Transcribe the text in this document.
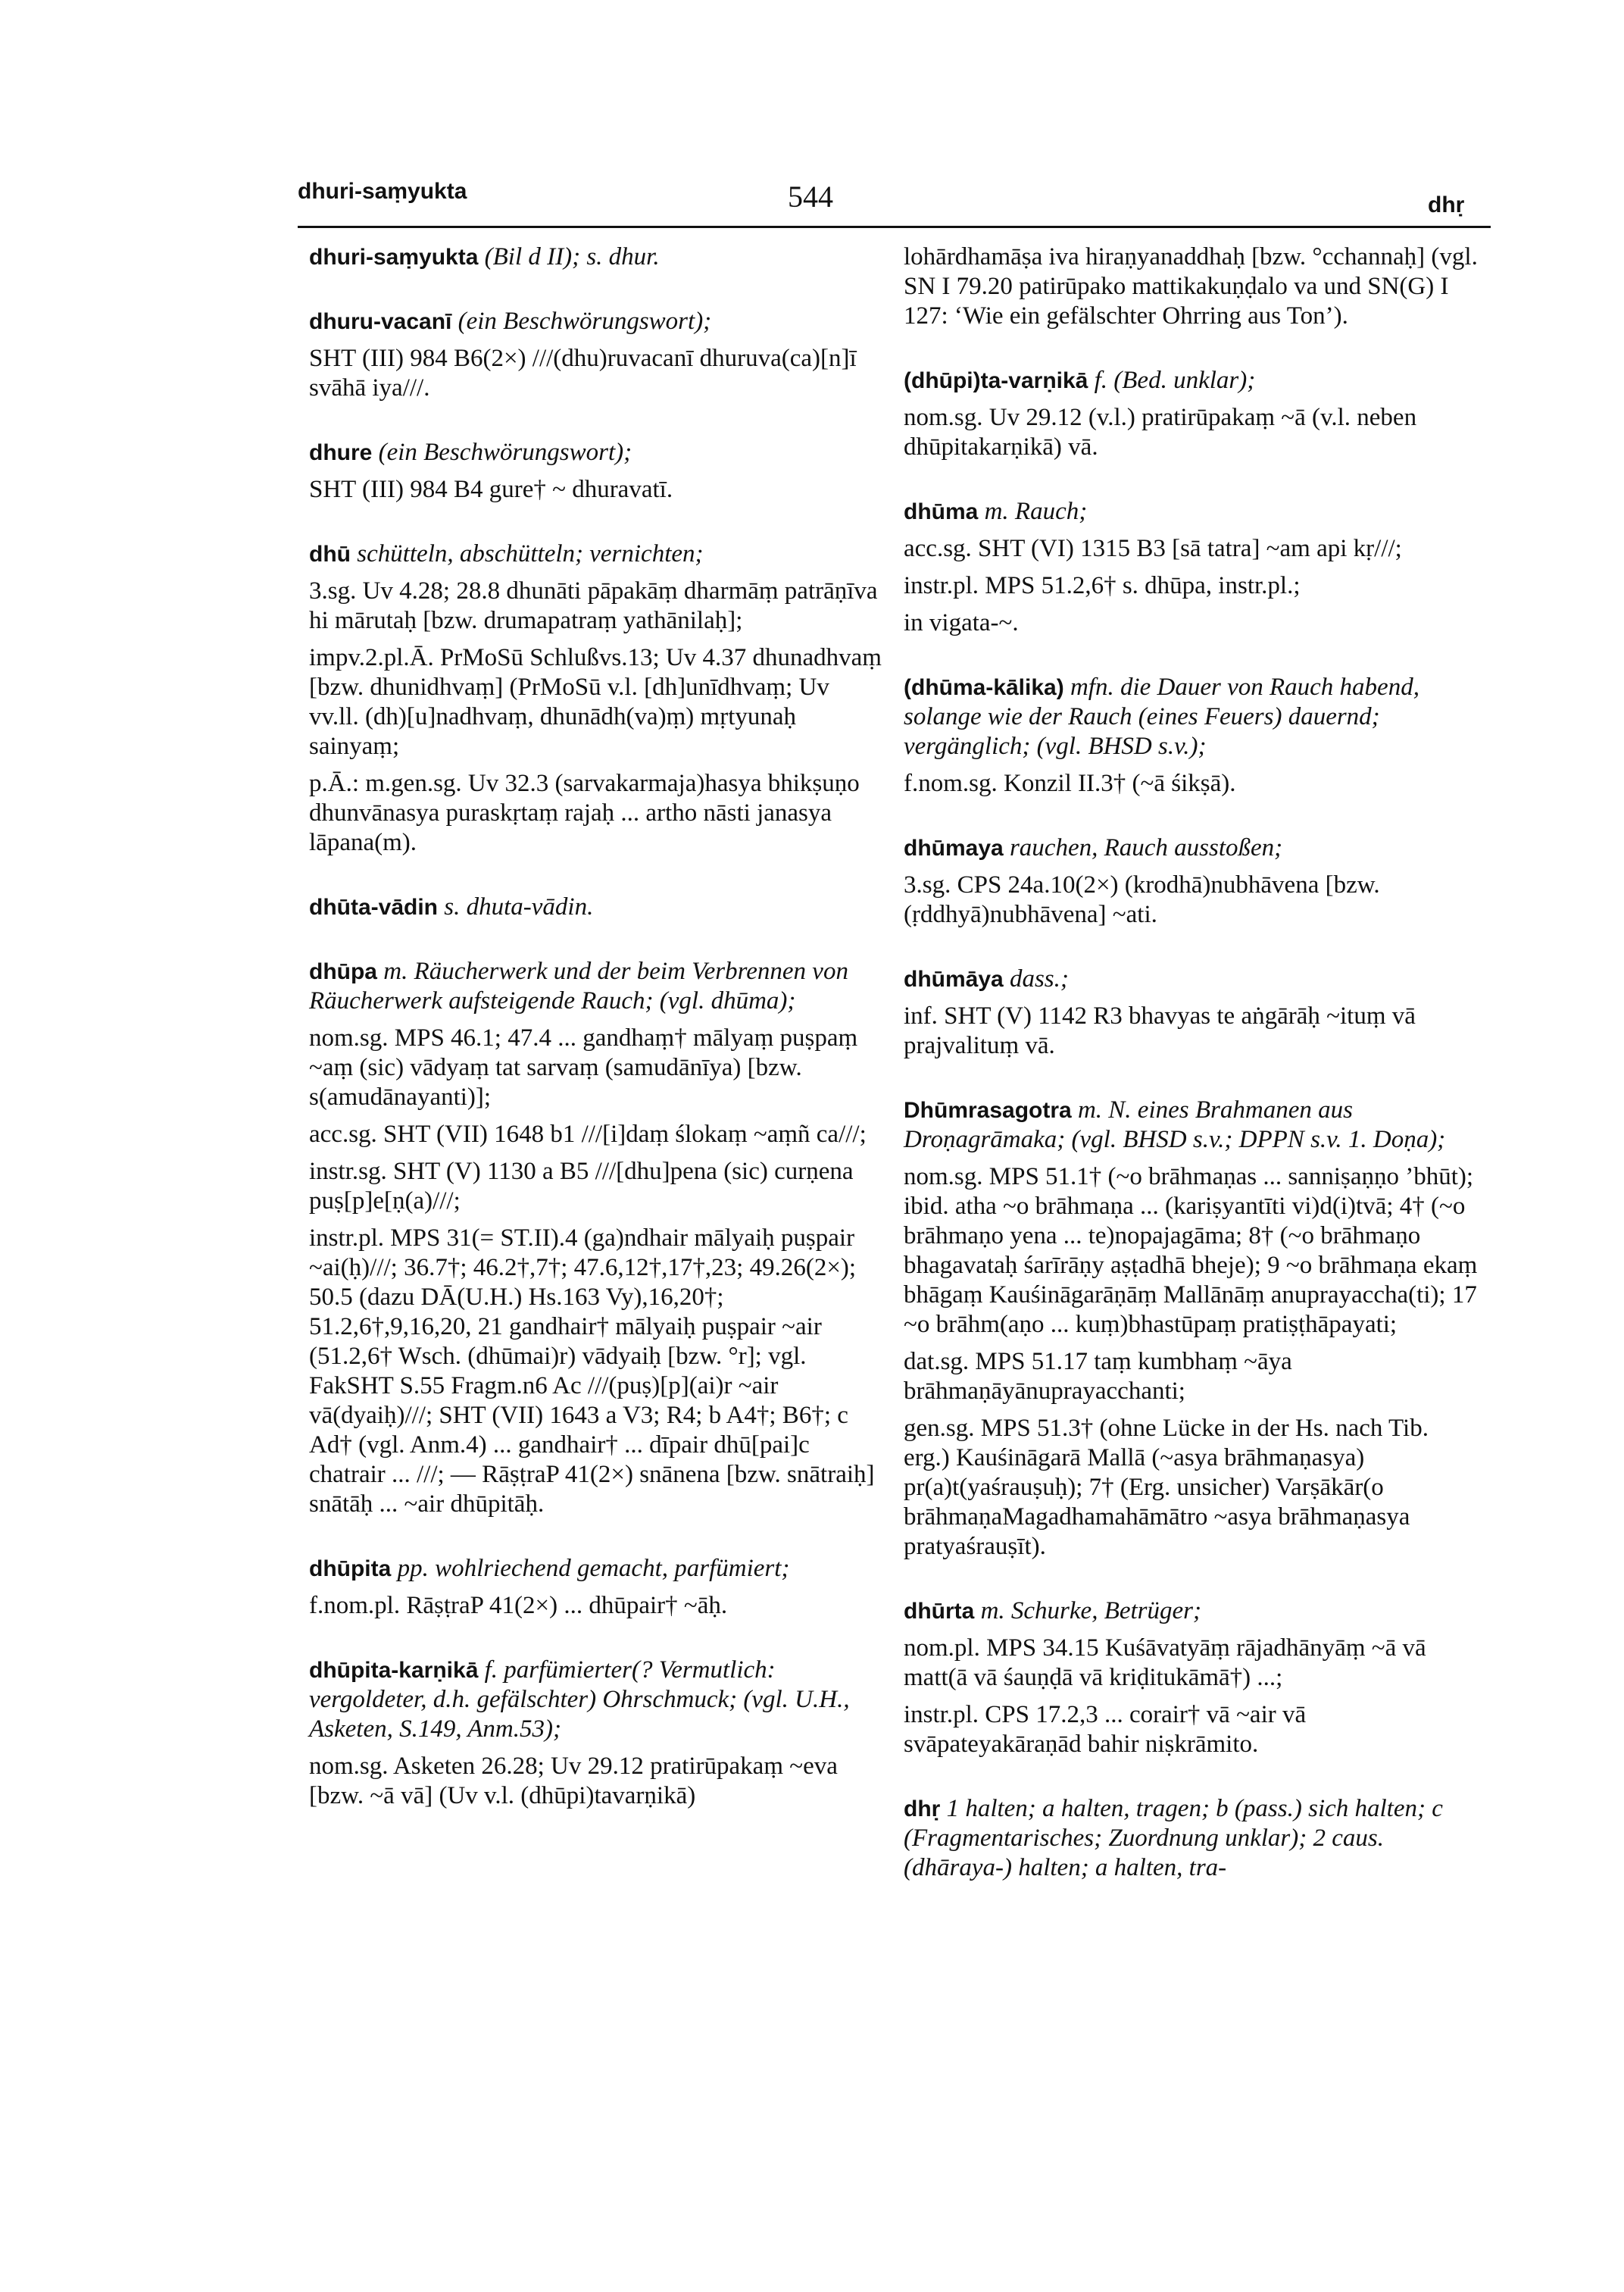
dhuri-saṃyukta	544	dhṛ

dhuri-saṃyukta (Bil d II); s. dhur.

dhuru-vacanī (ein Beschwörungswort);

SHT (III) 984 B6(2×) ///(dhu)ruvacanī dhuruva(ca)[n]ī svāhā iya///.

dhure (ein Beschwörungswort);

SHT (III) 984 B4 gure† ~ dhuravatī.

dhū schütteln, abschütteln; vernichten;

3.sg. Uv 4.28; 28.8 dhunāti pāpakāṃ dharmāṃ patrāṇīva hi mārutaḥ [bzw. drumapatraṃ yathānilaḥ];

impv.2.pl.Ā. PrMoSū Schlußvs.13; Uv 4.37 dhunadhvaṃ [bzw. dhunidhvaṃ] (PrMoSū v.l. [dh]unīdhvaṃ; Uv vv.ll. (dh)[u]nadhvaṃ, dhunādh(va)ṃ) mṛtyunaḥ sainyaṃ;

p.Ā.: m.gen.sg. Uv 32.3 (sarvakarmaja)hasya bhikṣuṇo dhunvānasya puraskṛtaṃ rajaḥ ... artho nāsti janasya lāpana(m).

dhūta-vādin s. dhuta-vādin.

dhūpa m. Räucherwerk und der beim Verbrennen von Räucherwerk aufsteigende Rauch; (vgl. dhūma);

nom.sg. MPS 46.1; 47.4 ... gandhaṃ† mālyaṃ puṣpaṃ ~aṃ (sic) vādyaṃ tat sarvaṃ (samudānīya) [bzw. s(amudānayanti)];

acc.sg. SHT (VII) 1648 b1 ///[i]daṃ ślokaṃ ~aṃñ ca///;

instr.sg. SHT (V) 1130 a B5 ///[dhu]pena (sic) curṇena puṣ[p]e[ṇ(a)///;

instr.pl. MPS 31(= ST.II).4 (ga)ndhair mālyaiḥ puṣpair ~ai(ḥ)///; 36.7†; 46.2†,7†; 47.6,12†,17†,23; 49.26(2×); 50.5 (dazu DĀ(U.H.) Hs.163 Vy),16,20†; 51.2,6†,9,16,20, 21 gandhair† mālyaiḥ puṣpair ~air (51.2,6† Wsch. (dhūmai)r) vādyaiḥ [bzw. °r]; vgl. FakSHT S.55 Fragm.n6 Ac ///(puṣ)[p](ai)r ~air vā(dyaiḥ)///; SHT (VII) 1643 a V3; R4; b A4†; B6†; c Ad† (vgl. Anm.4) ... gandhair† ... dīpair dhū[pai]c chatrair ... ///; — RāṣṭraP 41(2×) snānena [bzw. snātraiḥ] snātāḥ ... ~air dhūpitāḥ.

dhūpita pp. wohlriechend gemacht, parfümiert;

f.nom.pl. RāṣṭraP 41(2×) ... dhūpair† ~āḥ.

dhūpita-karṇikā f. parfümierter(? Vermutlich: vergoldeter, d.h. gefälschter) Ohrschmuck; (vgl. U.H., Asketen, S.149, Anm.53);

nom.sg. Asketen 26.28; Uv 29.12 pratirūpakaṃ ~eva [bzw. ~ā vā] (Uv v.l. (dhūpi)tavarṇikā)

lohārdhamāṣa iva hiraṇyanaddhaḥ [bzw. °cchannaḥ] (vgl. SN I 79.20 patirūpako mattikakuṇḍalo va und SN(G) I 127: ‘Wie ein gefälschter Ohrring aus Ton’).

(dhūpi)ta-varṇikā f. (Bed. unklar);

nom.sg. Uv 29.12 (v.l.) pratirūpakaṃ ~ā (v.l. neben dhūpitakarṇikā) vā.

dhūma m. Rauch;

acc.sg. SHT (VI) 1315 B3 [sā tatra] ~am api kṛ///;

instr.pl. MPS 51.2,6† s. dhūpa, instr.pl.;

in vigata-~.

(dhūma-kālika) mfn. die Dauer von Rauch habend, solange wie der Rauch (eines Feuers) dauernd; vergänglich; (vgl. BHSD s.v.);

f.nom.sg. Konzil II.3† (~ā śikṣā).

dhūmaya rauchen, Rauch ausstoßen;

3.sg. CPS 24a.10(2×) (krodhā)nubhāvena [bzw. (ṛddhyā)nubhāvena] ~ati.

dhūmāya dass.;

inf. SHT (V) 1142 R3 bhavyas te aṅgārāḥ ~ituṃ vā prajvalituṃ vā.

Dhūmrasagotra m. N. eines Brahmanen aus Droṇagrāmaka; (vgl. BHSD s.v.; DPPN s.v. 1. Doṇa);

nom.sg. MPS 51.1† (~o brāhmaṇas ... sanniṣaṇṇo ’bhūt); ibid. atha ~o brāhmaṇa ... (kariṣyantīti vi)d(i)tvā; 4† (~o brāhmaṇo yena ... te)nopajagāma; 8† (~o brāhmaṇo bhagavataḥ śarīrāṇy aṣṭadhā bheje); 9 ~o brāhmaṇa ekaṃ bhāgaṃ Kauśināgarāṇāṃ Mallānāṃ anuprayaccha(ti); 17 ~o brāhm(aṇo ... kuṃ)bhastūpaṃ pratiṣṭhāpayati;

dat.sg. MPS 51.17 taṃ kumbhaṃ ~āya brāhmaṇāyānuprayacchanti;

gen.sg. MPS 51.3† (ohne Lücke in der Hs. nach Tib. erg.) Kauśināgarā Mallā (~asya brāhmaṇasya) pr(a)t(yaśrauṣuḥ); 7† (Erg. unsicher) Varṣākār(o brāhmaṇaMagadhamahāmātro ~asya brāhmaṇasya pratyaśrauṣīt).

dhūrta m. Schurke, Betrüger;

nom.pl. MPS 34.15 Kuśāvatyāṃ rājadhānyāṃ ~ā vā matt(ā vā śauṇḍā vā kriḍitukāmā†) ...;

instr.pl. CPS 17.2,3 ... corair† vā ~air vā svāpateyakāraṇād bahir niṣkrāmito.

dhṛ 1 halten; a halten, tragen; b (pass.) sich halten; c (Fragmentarisches; Zuordnung unklar); 2 caus. (dhāraya-) halten; a halten, tra-
